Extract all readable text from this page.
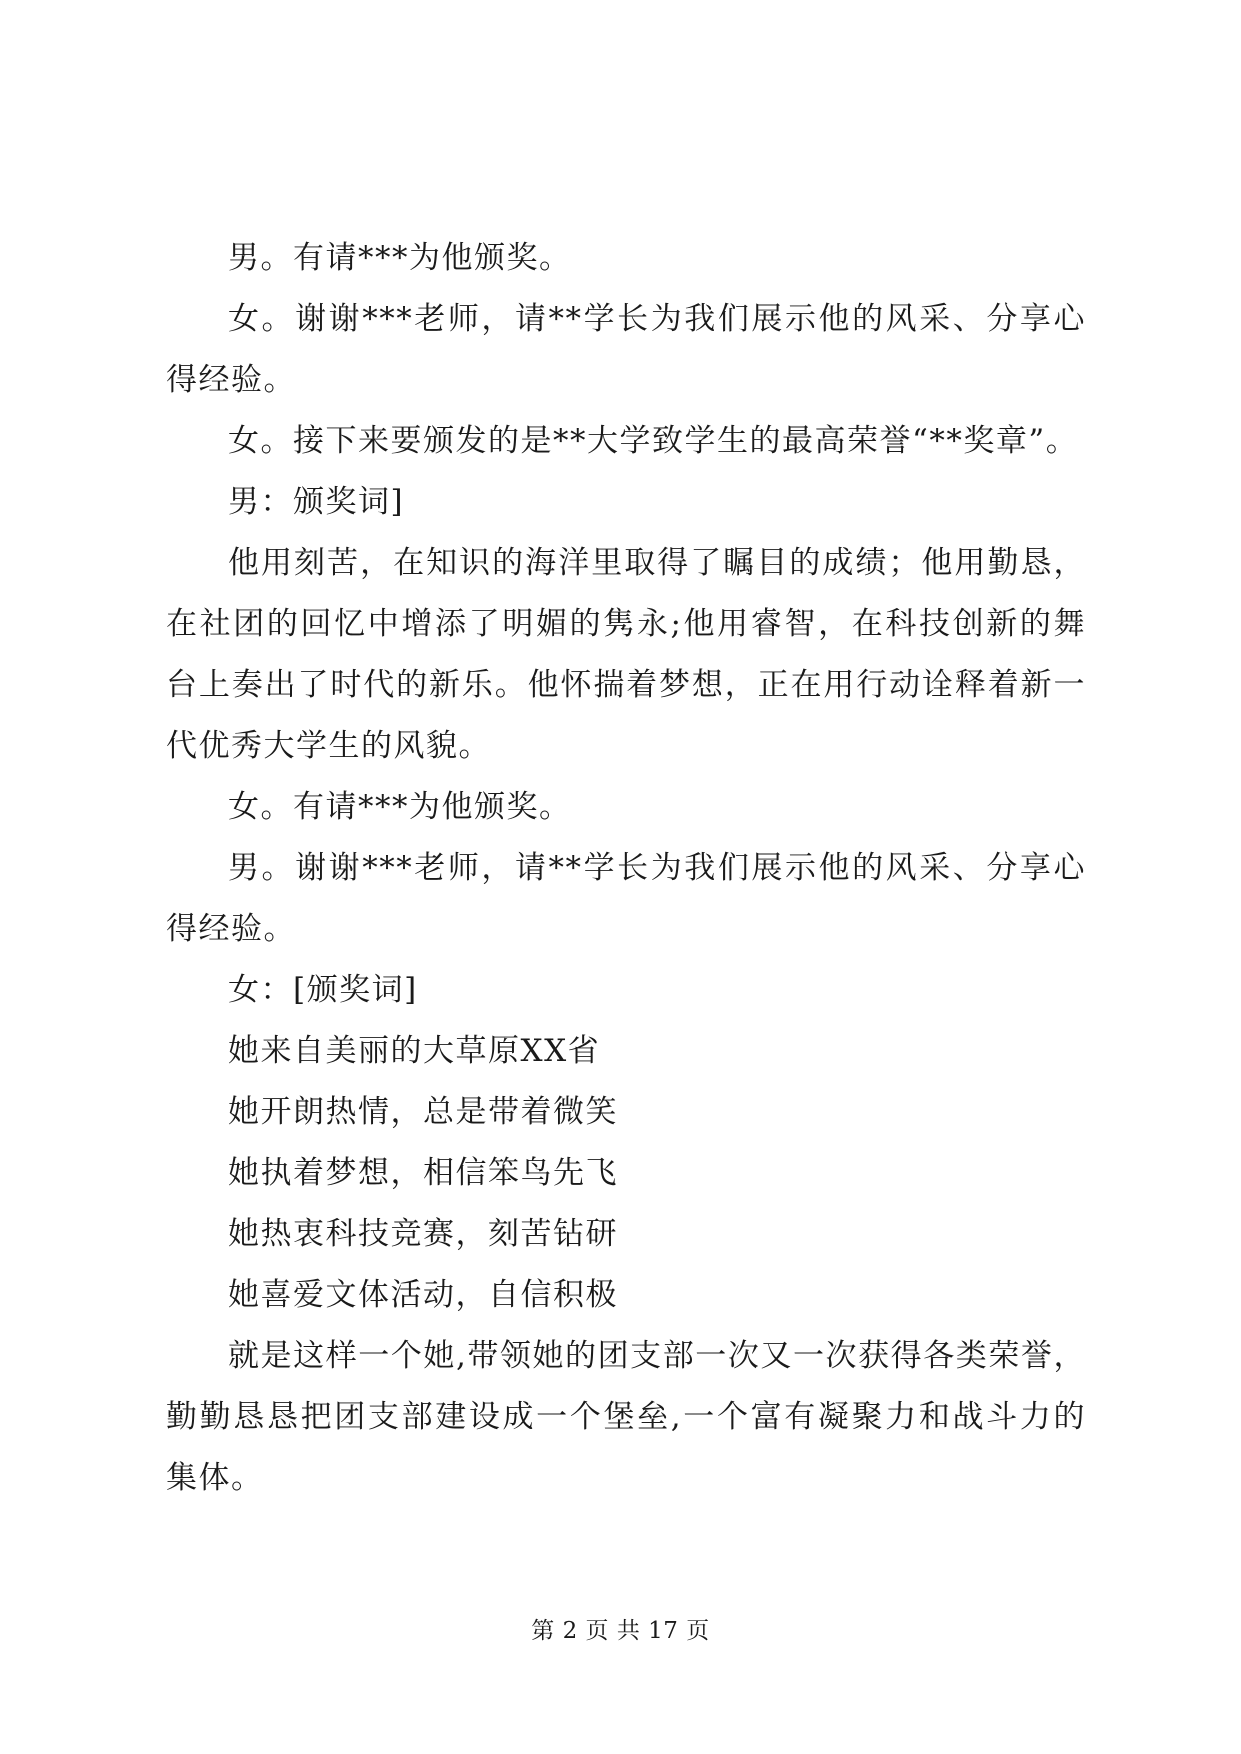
男。有请***为他颁奖。

女。谢谢***老师，请**学长为我们展示他的风采、分享心得经验。

女。接下来要颁发的是**大学致学生的最高荣誉“**奖章”。

男：颁奖词]

他用刻苦，在知识的海洋里取得了瞩目的成绩；他用勤恳，在社团的回忆中增添了明媚的隽永;他用睿智，在科技创新的舞台上奏出了时代的新乐。他怀揣着梦想，正在用行动诠释着新一代优秀大学生的风貌。

女。有请***为他颁奖。

男。谢谢***老师，请**学长为我们展示他的风采、分享心得经验。

女：[颁奖词]

她来自美丽的大草原XX省

她开朗热情，总是带着微笑

她执着梦想，相信笨鸟先飞

她热衷科技竞赛，刻苦钻研

她喜爱文体活动，自信积极

就是这样一个她,带领她的团支部一次又一次获得各类荣誉，勤勤恳恳把团支部建设成一个堡垒,一个富有凝聚力和战斗力的集体。

第 2 页 共 17 页
